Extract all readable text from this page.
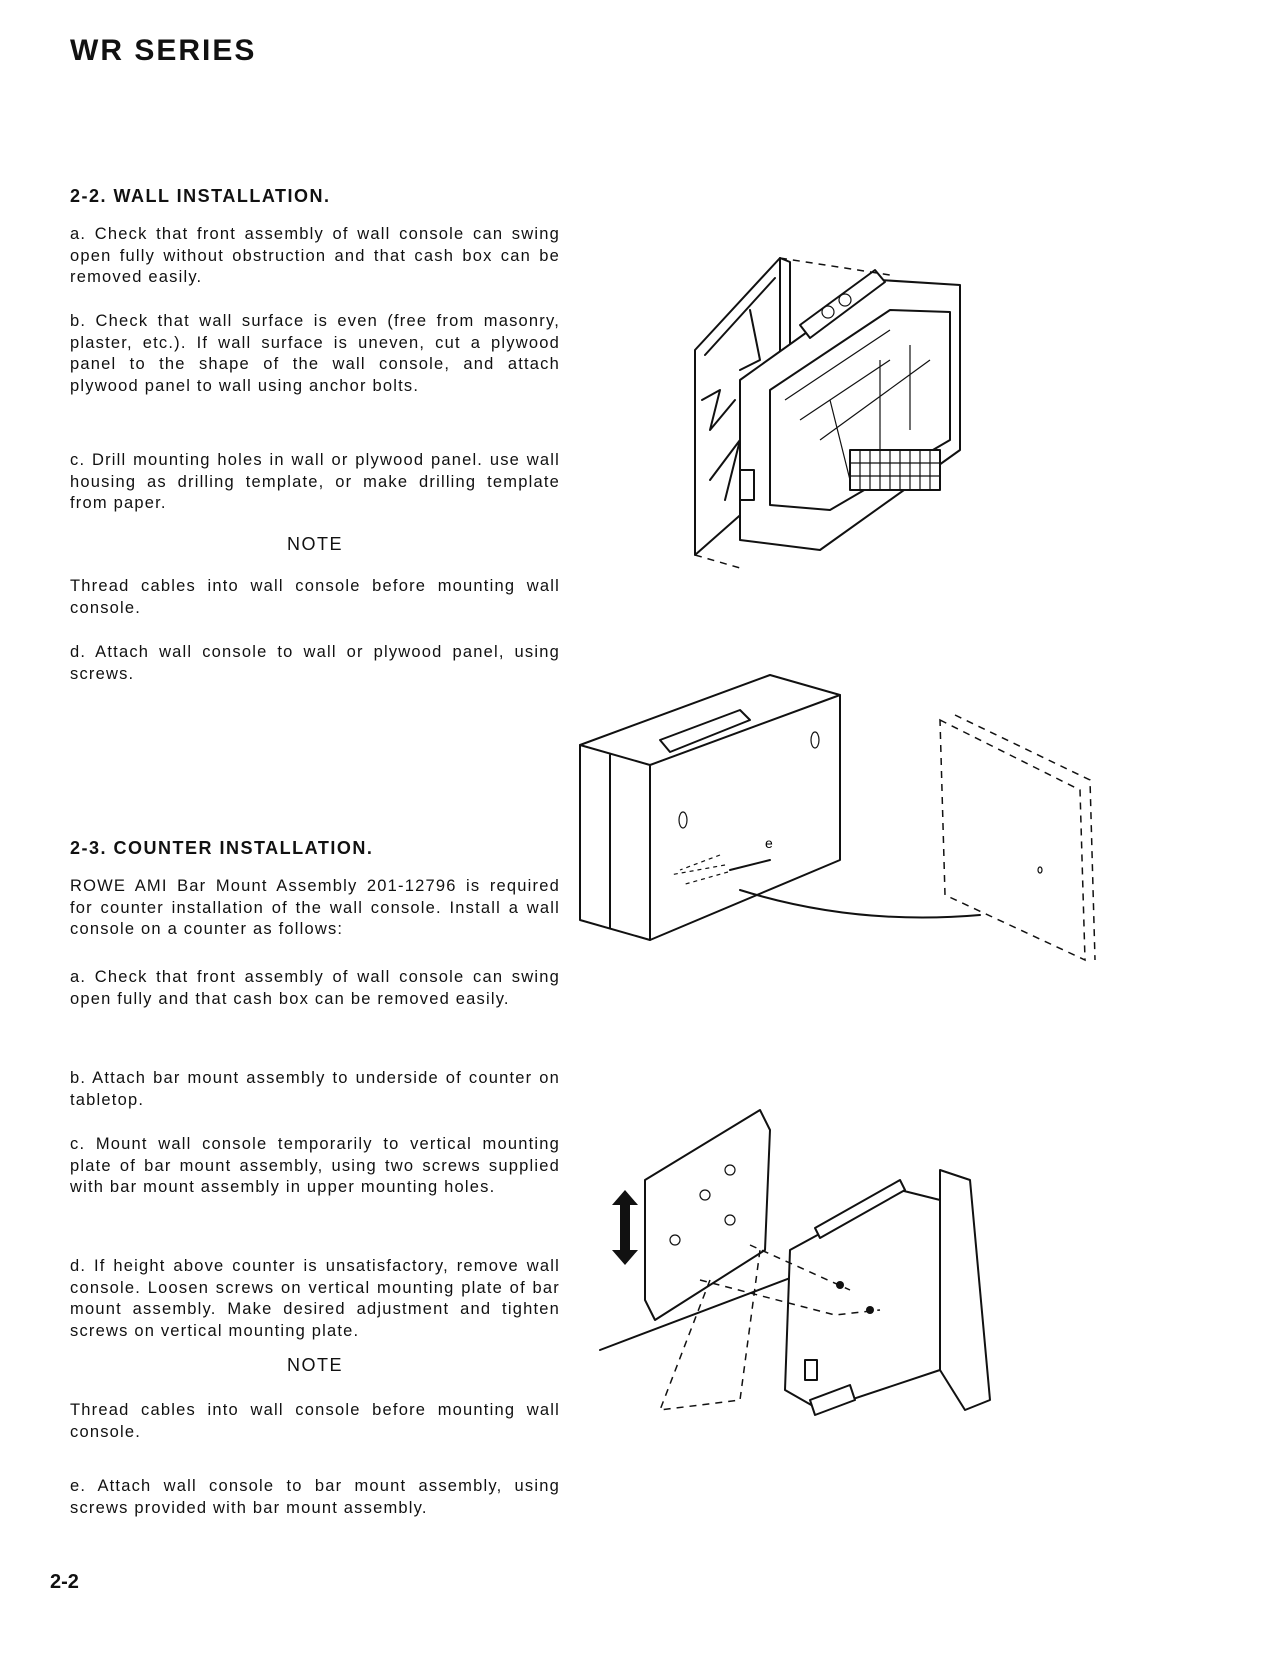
WR SERIES

2-2. WALL INSTALLATION.

a. Check that front assembly of wall console can swing open fully without obstruction and that cash box can be removed easily.

b. Check that wall surface is even (free from masonry, plaster, etc.). If wall surface is uneven, cut a plywood panel to the shape of the wall console, and attach plywood panel to wall using anchor bolts.

c. Drill mounting holes in wall or plywood panel. use wall housing as drilling template, or make drilling template from paper.

NOTE

Thread cables into wall console before mounting wall console.

d. Attach wall console to wall or plywood panel, using screws.

2-3. COUNTER INSTALLATION.

ROWE AMI Bar Mount Assembly 201-12796 is required for counter installation of the wall console. Install a wall console on a counter as follows:

a. Check that front assembly of wall console can swing open fully and that cash box can be removed easily.

b. Attach bar mount assembly to underside of counter on tabletop.

c. Mount wall console temporarily to vertical mounting plate of bar mount assembly, using two screws supplied with bar mount assembly in upper mounting holes.

d. If height above counter is unsatisfactory, remove wall console. Loosen screws on vertical mounting plate of bar mount assembly. Make desired adjustment and tighten screws on vertical mounting plate.

NOTE

Thread cables into wall console before mounting wall console.

e. Attach wall console to bar mount assembly, using screws provided with bar mount assembly.

2-2

e
